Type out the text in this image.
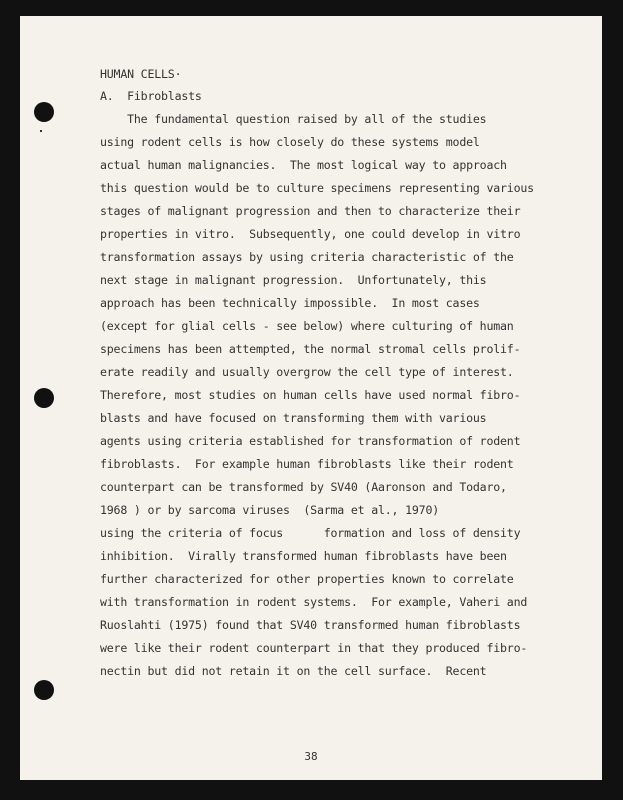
HUMAN CELLS·
A.  Fibroblasts
The fundamental question raised by all of the studies
using rodent cells is how closely do these systems model
actual human malignancies.  The most logical way to approach
this question would be to culture specimens representing various
stages of malignant progression and then to characterize their
properties in vitro.  Subsequently, one could develop in vitro
transformation assays by using criteria characteristic of the
next stage in malignant progression.  Unfortunately, this
approach has been technically impossible.  In most cases
(except for glial cells - see below) where culturing of human
specimens has been attempted, the normal stromal cells prolif-
erate readily and usually overgrow the cell type of interest.
Therefore, most studies on human cells have used normal fibro-
blasts and have focused on transforming them with various
agents using criteria established for transformation of rodent
fibroblasts.  For example human fibroblasts like their rodent
counterpart can be transformed by SV40 (Aaronson and Todaro,
1968 ) or by sarcoma viruses  (Sarma et al., 1970)
using the criteria of focus      formation and loss of density
inhibition.  Virally transformed human fibroblasts have been
further characterized for other properties known to correlate
with transformation in rodent systems.  For example, Vaheri and
Ruoslahti (1975) found that SV40 transformed human fibroblasts
were like their rodent counterpart in that they produced fibro-
nectin but did not retain it on the cell surface.  Recent
38
